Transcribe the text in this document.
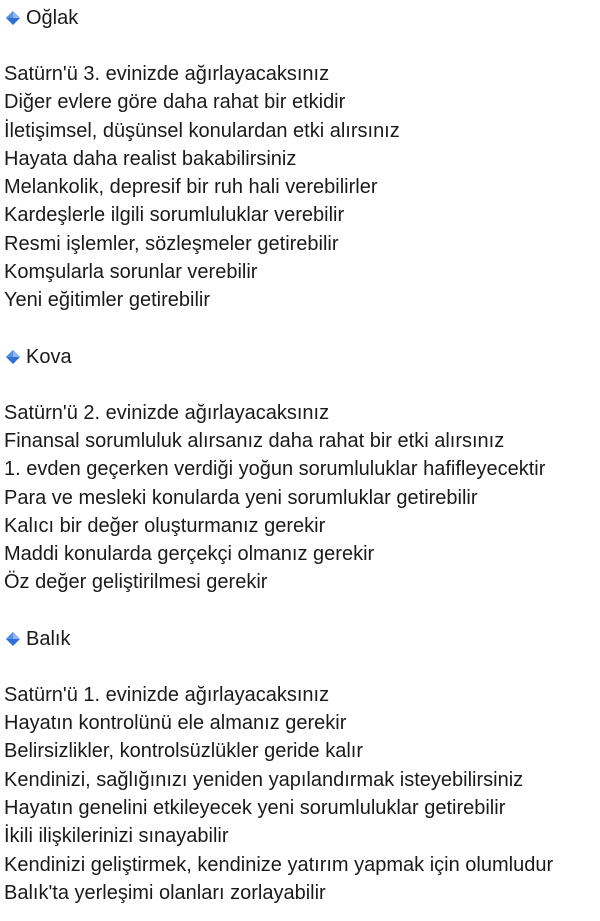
Oğlak
Satürn'ü 3. evinizde ağırlayacaksınız
Diğer evlere göre daha rahat bir etkidir
İletişimsel, düşünsel konulardan etki alırsınız
Hayata daha realist bakabilirsiniz
Melankolik, depresif bir ruh hali verebilirler
Kardeşlerle ilgili sorumluluklar verebilir
Resmi işlemler, sözleşmeler getirebilir
Komşularla sorunlar verebilir
Yeni eğitimler getirebilir
Kova
Satürn'ü 2. evinizde ağırlayacaksınız
Finansal sorumluluk alırsanız daha rahat bir etki alırsınız
1. evden geçerken verdiği yoğun sorumluluklar hafifleyecektir
Para ve mesleki konularda yeni sorumluklar getirebilir
Kalıcı bir değer oluşturmanız gerekir
Maddi konularda gerçekçi olmanız gerekir
Öz değer geliştirilmesi gerekir
Balık
Satürn'ü 1. evinizde ağırlayacaksınız
Hayatın kontrolünü ele almanız gerekir
Belirsizlikler, kontrolsüzlükler geride kalır
Kendinizi, sağlığınızı yeniden yapılandırmak isteyebilirsiniz
Hayatın genelini etkileyecek yeni sorumluluklar getirebilir
İkili ilişkilerinizi sınayabilir
Kendinizi geliştirmek, kendinize yatırım yapmak için olumludur
Balık'ta yerleşimi olanları zorlayabilir
